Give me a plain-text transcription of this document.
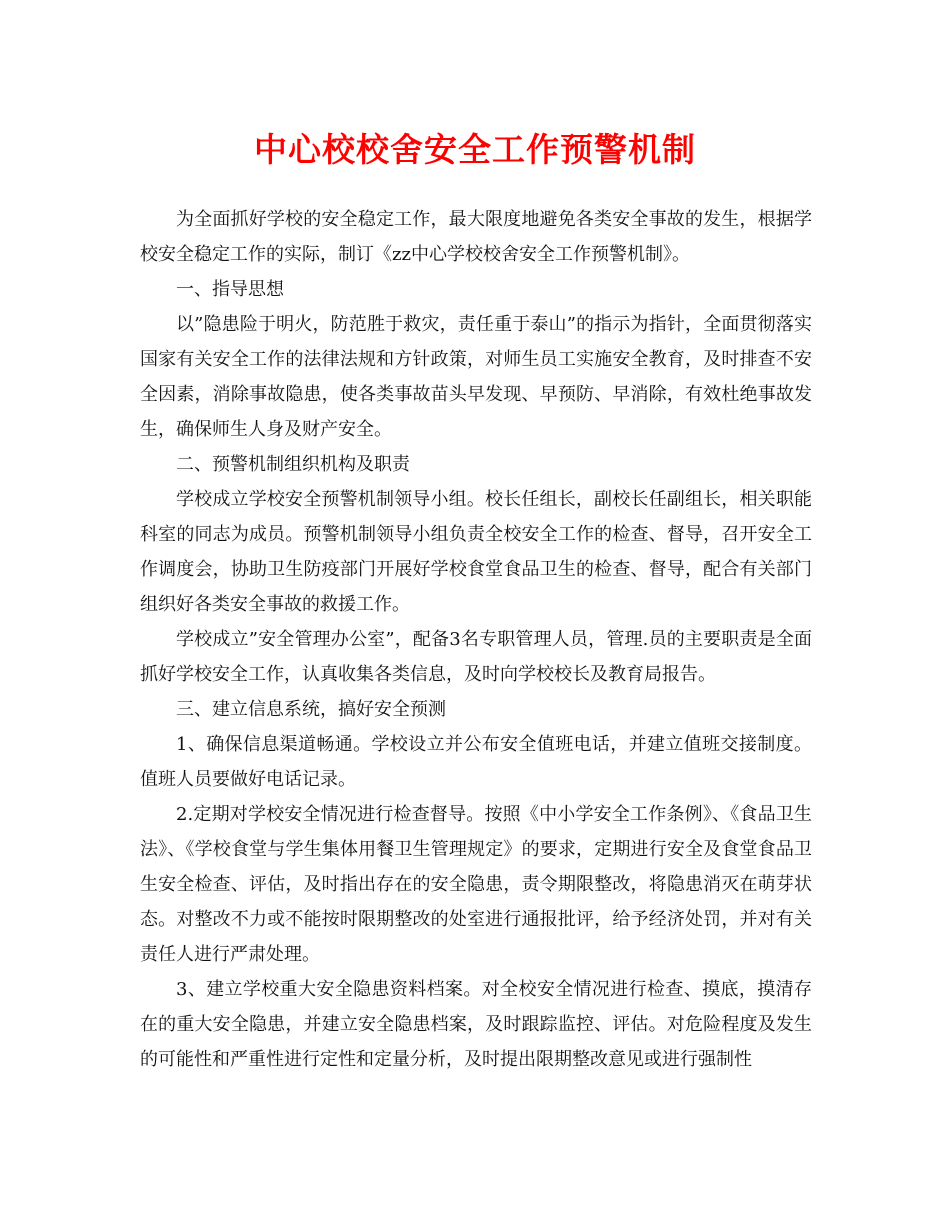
中心校校舍安全工作预警机制

为全面抓好学校的安全稳定工作，最大限度地避免各类安全事故的发生，根据学校安全稳定工作的实际，制订《zz中心学校校舍安全工作预警机制》。

一、指导思想

以”隐患险于明火，防范胜于救灾，责任重于泰山”的指示为指针，全面贯彻落实国家有关安全工作的法律法规和方针政策，对师生员工实施安全教育，及时排查不安全因素，消除事故隐患，使各类事故苗头早发现、早预防、早消除，有效杜绝事故发生，确保师生人身及财产安全。

二、预警机制组织机构及职责

学校成立学校安全预警机制领导小组。校长任组长，副校长任副组长，相关职能科室的同志为成员。预警机制领导小组负责全校安全工作的检查、督导，召开安全工作调度会，协助卫生防疫部门开展好学校食堂食品卫生的检查、督导，配合有关部门组织好各类安全事故的救援工作。

学校成立”安全管理办公室”，配备3名专职管理人员，管理.员的主要职责是全面抓好学校安全工作，认真收集各类信息，及时向学校校长及教育局报告。

三、建立信息系统，搞好安全预测

1、确保信息渠道畅通。学校设立并公布安全值班电话，并建立值班交接制度。值班人员要做好电话记录。

2.定期对学校安全情况进行检查督导。按照《中小学安全工作条例》、《食品卫生法》、《学校食堂与学生集体用餐卫生管理规定》的要求，定期进行安全及食堂食品卫生安全检查、评估，及时指出存在的安全隐患，责令期限整改，将隐患消灭在萌芽状态。对整改不力或不能按时限期整改的处室进行通报批评，给予经济处罚，并对有关责任人进行严肃处理。

3、建立学校重大安全隐患资料档案。对全校安全情况进行检查、摸底，摸清存在的重大安全隐患，并建立安全隐患档案，及时跟踪监控、评估。对危险程度及发生的可能性和严重性进行定性和定量分析，及时提出限期整改意见或进行强制性
